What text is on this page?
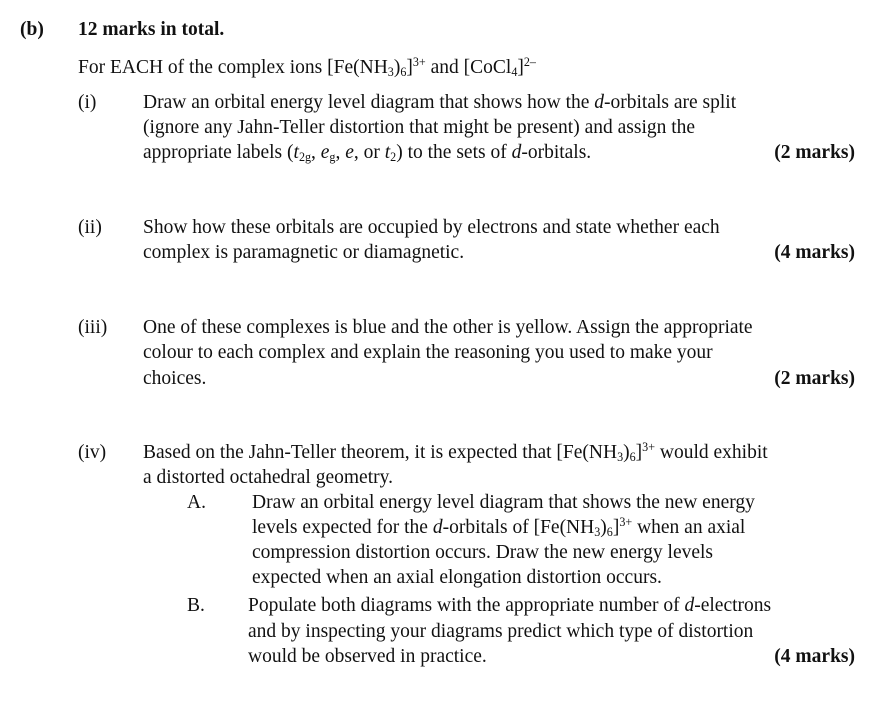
(b) 12 marks in total.
For EACH of the complex ions $[Fe(NH_3)_6]^{3+}$ and [CoCl$_4$]$^{2-}$
(i) Draw an orbital energy level diagram that shows how the d-orbitals are split
(ignore any Jahn-Teller distortion that might be present) and assign the
appropriate labels ($t_{2g}$, $e_g$, e, or $t_2$) to the sets of d-orbitals.	(2 marks)
(ii) Show how these orbitals are occupied by electrons and state whether each
complex is paramagnetic or diamagnetic.	(4 marks)
(iii) One of these complexes is blue and the other is yellow. Assign the appropriate
colour to each complex and explain the reasoning you used to make your
choices.	(2 marks)
(iv) Based on the Jahn-Teller theorem, it is expected that $[Fe(NH_3)_6]^{3+}$ would exhibit
a distorted octahedral geometry.
A. Draw an orbital energy level diagram that shows the new energy
levels expected for the d-orbitals of $[Fe(NH_3)_6]^{3+}$ when an axial
compression distortion occurs. Draw the new energy levels
expected when an axial elongation distortion occurs.
B. Populate both diagrams with the appropriate number of d-electrons
and by inspecting your diagrams predict which type of distortion
would be observed in practice.	(4 marks)
